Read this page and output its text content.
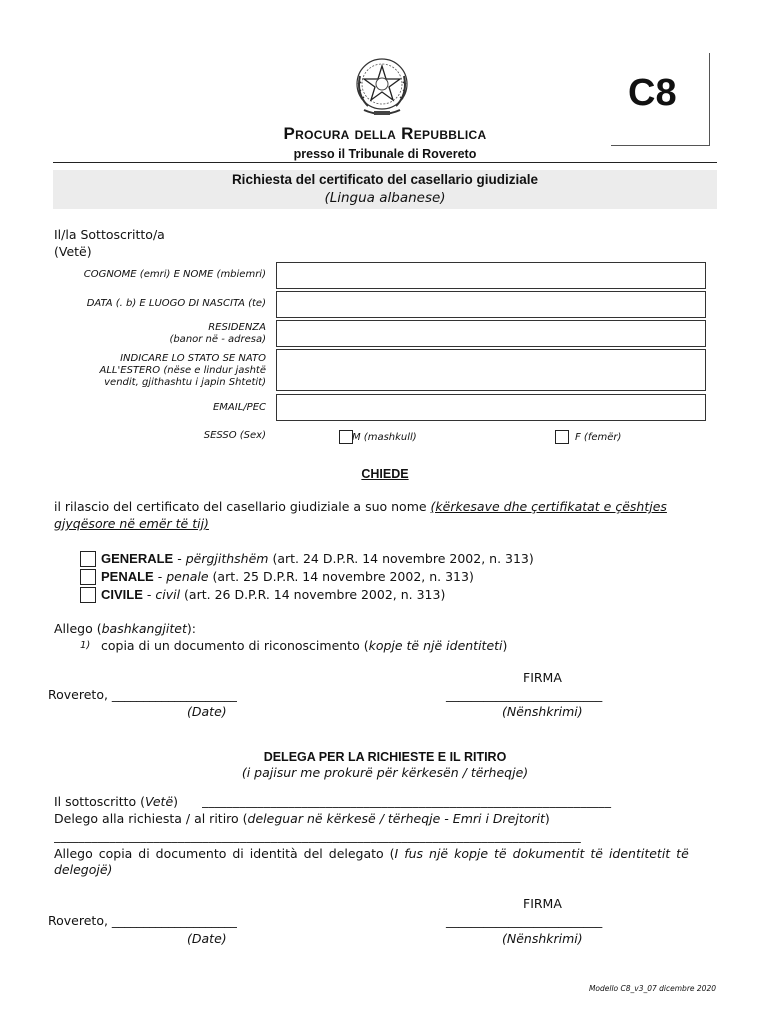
C8
Procura della Repubblica
presso il Tribunale di Rovereto
Richiesta del certificato del casellario giudiziale
(Lingua albanese)
Il/la Sottoscritto/a
(Vetë)
COGNOME (emri) E NOME (mbiemri)
DATA (. b) E LUOGO DI NASCITA (te)
RESIDENZA
(banor në - adresa)
INDICARE LO STATO SE NATO
ALL'ESTERO (nëse e lindur jashtë
vendit, gjithashtu i japin Shtetit)
EMAIL/PEC
SESSO (Sex)	M (mashkull)	F (femër)
CHIEDE
il rilascio del certificato del casellario giudiziale a suo nome (kërkesave dhe çertifikatat e çështjes
gjyqësore në emër të tij)
GENERALE - përgjithshëm (art. 24 D.P.R. 14 novembre 2002, n. 313)
PENALE - penale (art. 25 D.P.R. 14 novembre 2002, n. 313)
CIVILE - civil (art. 26 D.P.R. 14 novembre 2002, n. 313)
Allego (bashkangjitet):
1) copia di un documento di riconoscimento (kopje të një identiteti)
FIRMA
Rovereto, ____________________	_________________________
(Date)	(Nënshkrimi)
DELEGA PER LA RICHIESTE E IL RITIRO
(i pajisur me prokurë për kërkesën / tërheqje)
Il sottoscritto (Vetë) __________________________________________________________________
Delego alla richiesta / al ritiro (deleguar në kërkesë / tërheqje - Emri i Drejtorit)
_____________________________________________________________________________________
Allego copia di documento di identità del delegato (I fus një kopje të dokumentit të identitetit të
delegojë)
FIRMA
Rovereto, ____________________	_________________________
(Date)	(Nënshkrimi)
Modello C8_v3_07 dicembre 2020
